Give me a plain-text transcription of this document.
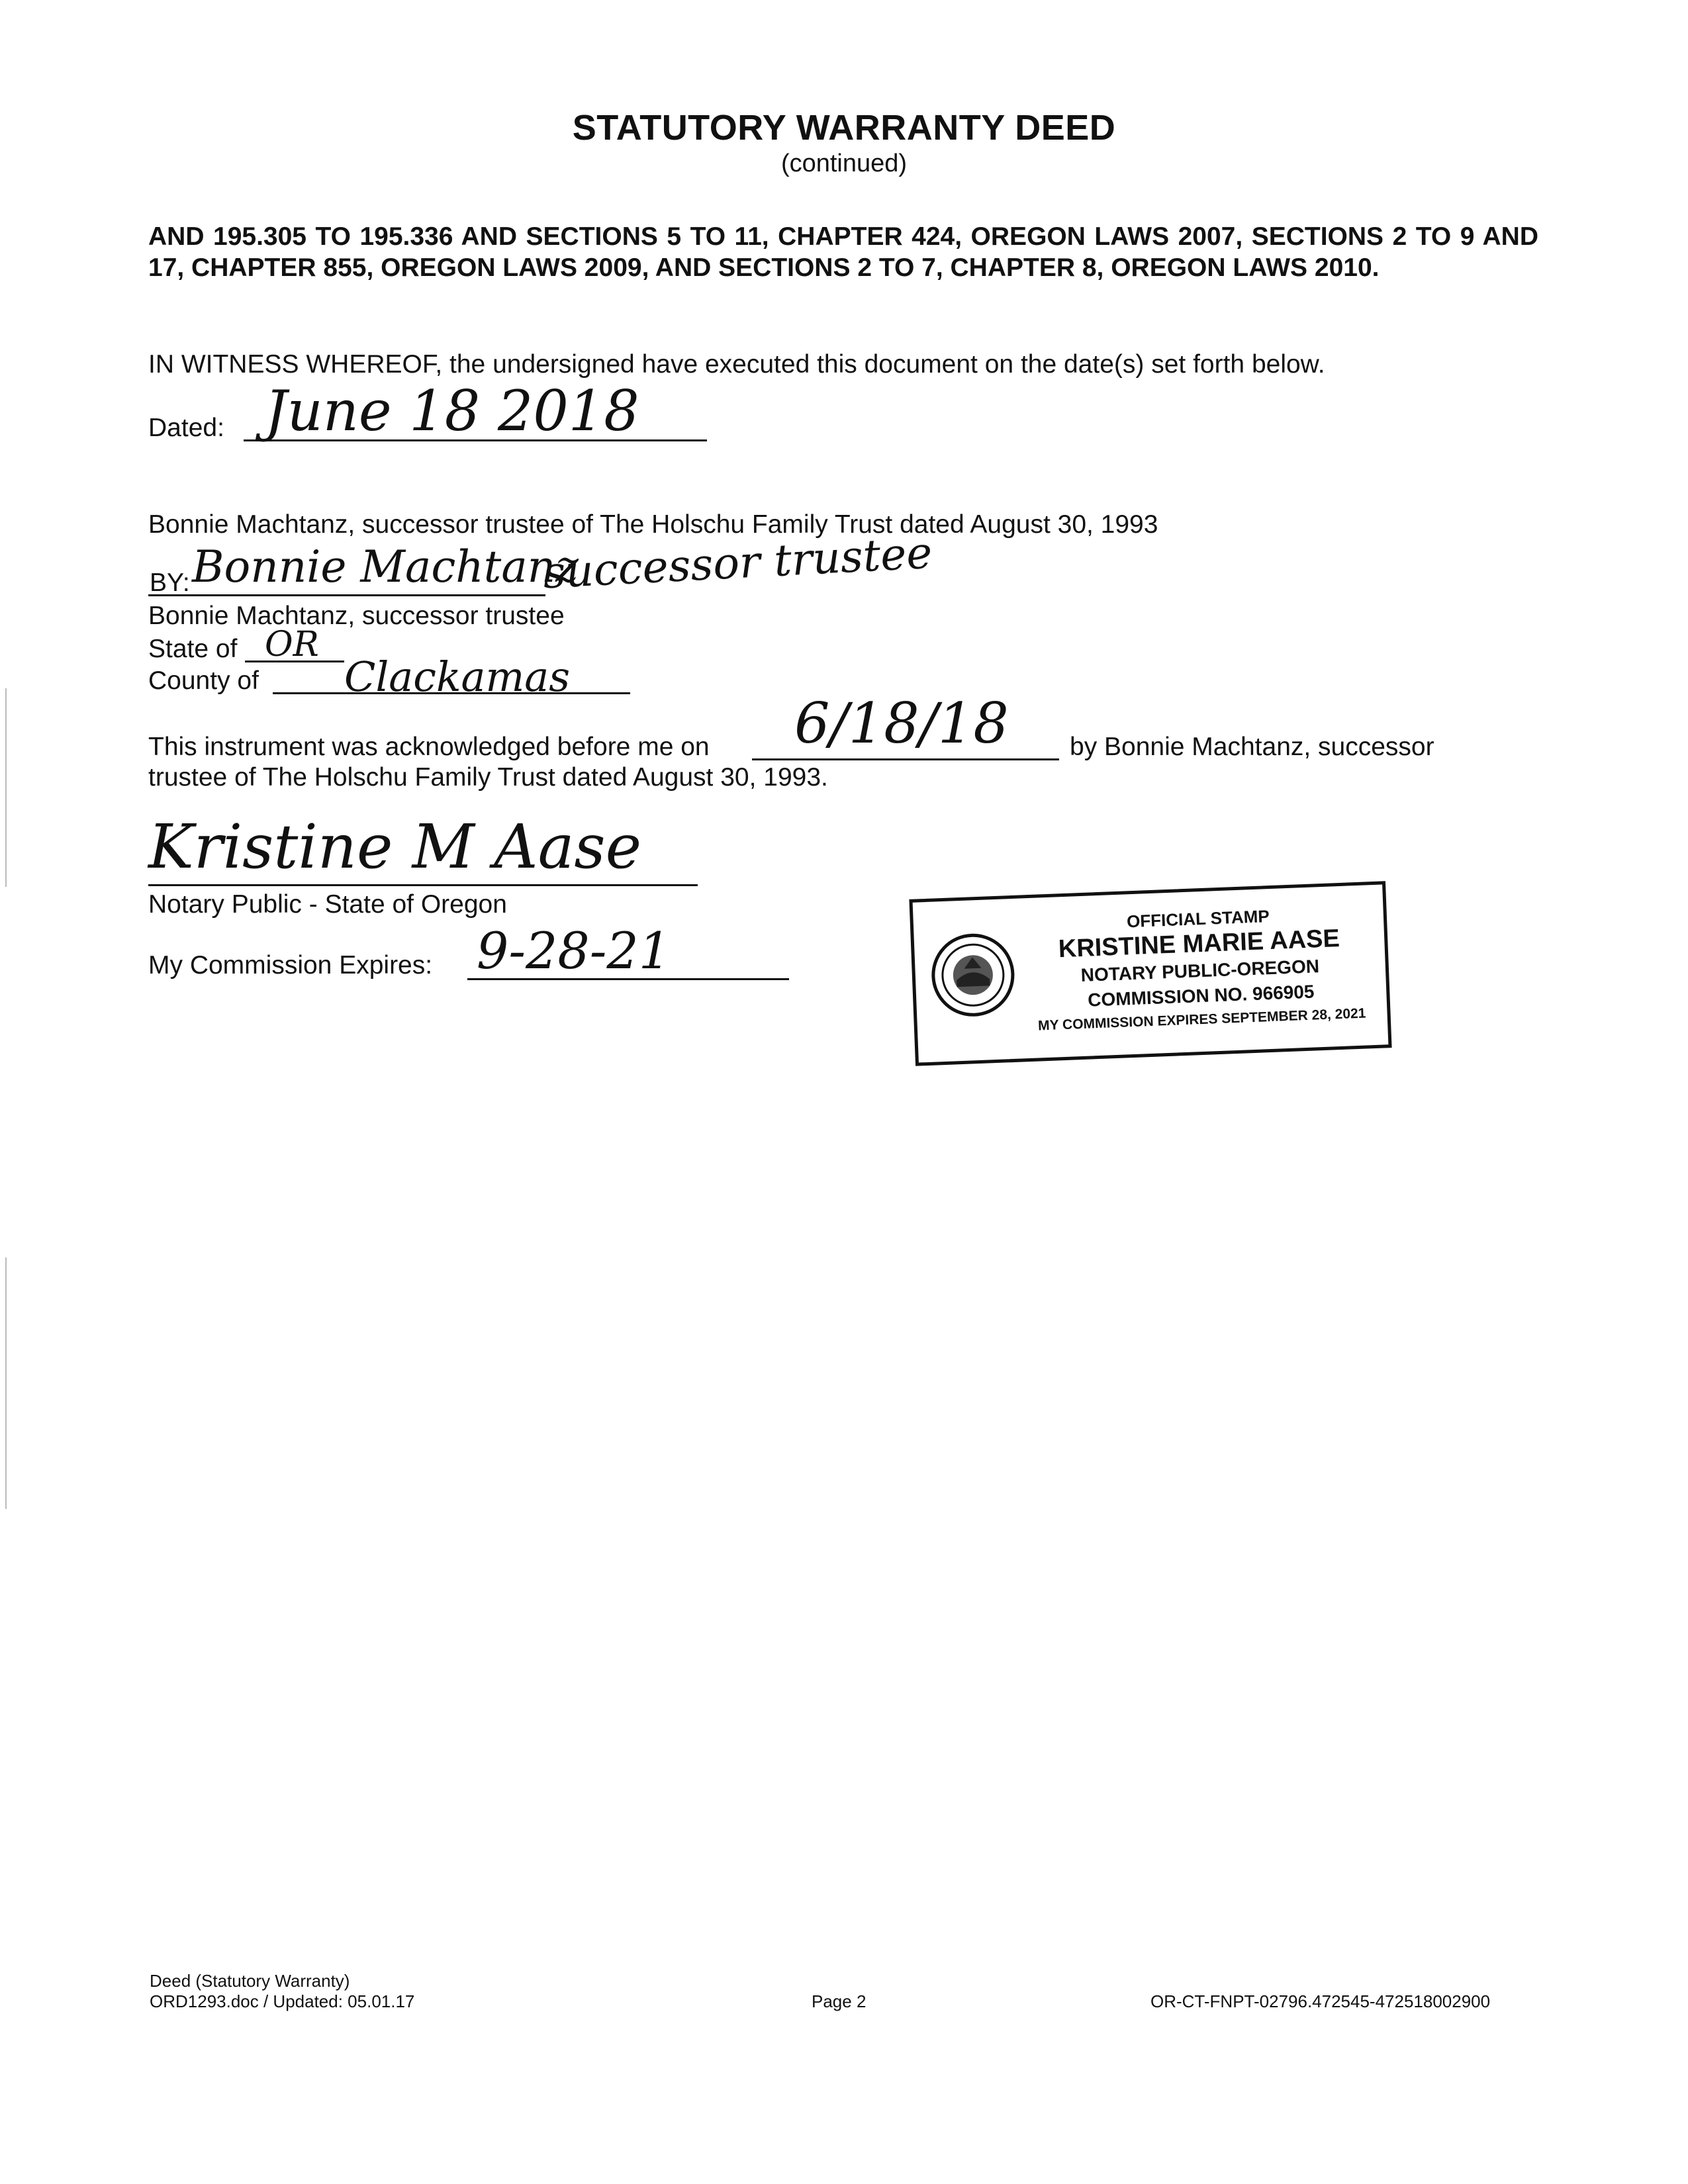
STATUTORY WARRANTY DEED
(continued)
AND 195.305 TO 195.336 AND SECTIONS 5 TO 11, CHAPTER 424, OREGON LAWS 2007, SECTIONS 2 TO 9 AND 17, CHAPTER 855, OREGON LAWS 2009, AND SECTIONS 2 TO 7, CHAPTER 8, OREGON LAWS 2010.
IN WITNESS WHEREOF, the undersigned have executed this document on the date(s) set forth below.
Dated: June 18 2018
Bonnie Machtanz, successor trustee of The Holschu Family Trust dated August 30, 1993
BY: Bonnie Machtanz
successor trustee
Bonnie Machtanz, successor trustee
State of OR
County of Clackamas
This instrument was acknowledged before me on 6/18/18 by Bonnie Machtanz, successor
trustee of The Holschu Family Trust dated August 30, 1993.
Kristine M Aase
Notary Public - State of Oregon
My Commission Expires: 9-28-21
OFFICIAL STAMP
KRISTINE MARIE AASE
NOTARY PUBLIC-OREGON
COMMISSION NO. 966905
MY COMMISSION EXPIRES SEPTEMBER 28, 2021
Deed (Statutory Warranty)
ORD1293.doc / Updated: 05.01.17	Page 2	OR-CT-FNPT-02796.472545-472518002900
